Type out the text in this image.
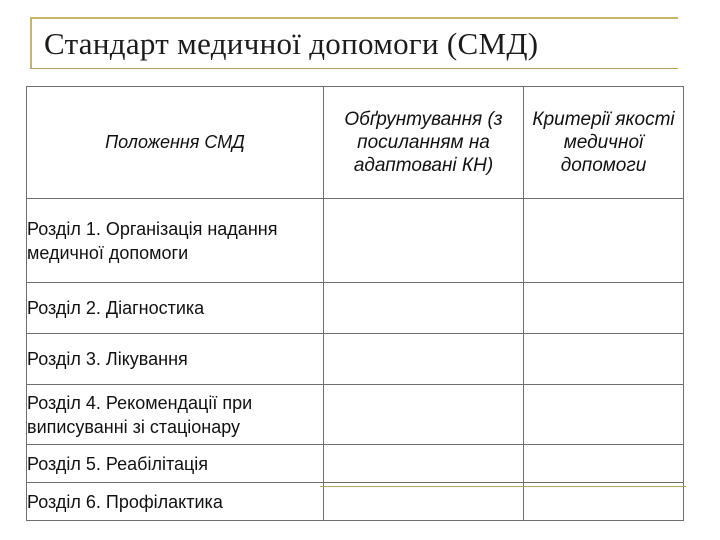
Стандарт медичної допомоги (СМД)
Положення СМД	Обґрунтування (з посиланням на адаптовані КН)	Критерії якості медичної допомоги
Розділ 1. Організація надання медичної допомоги		
Розділ 2. Діагностика		
Розділ 3. Лікування		
Розділ 4. Рекомендації при виписуванні зі стаціонару		
Розділ 5. Реабілітація		
Розділ 6. Профілактика		
